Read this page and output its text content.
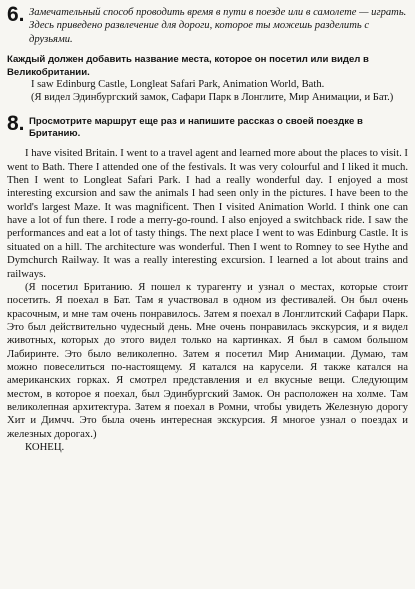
6. Замечательный способ проводить время в пути в поезде или в самолете — играть. Здесь приведено развлечение для дороги, которое ты можешь разделить с друзьями.

Каждый должен добавить название места, которое он посетил или видел в Великобритании.

I saw Edinburg Castle, Longleat Safari Park, Animation World, Bath.

(Я видел Эдинбургский замок, Сафари Парк в Лонглите, Мир Анимации, и Бат.)

8. Просмотрите маршрут еще раз и напишите рассказ о своей поездке в Британию.

I have visited Britain. I went to a travel agent and learned more about the places to visit. I went to Bath. There I attended one of the festivals. It was very colourful and I liked it much. Then I went to Longleat Safari Park. I had a really wonderful day. I enjoyed a most interesting excursion and saw the animals I had seen only in the pictures. I have been to the world's largest Maze. It was magnificent. Then I visited Animation World. I think one can have a lot of fun there. I rode a merry-go-round. I also enjoyed a switchback ride. I saw the performances and eat a lot of tasty things. The next place I went to was Edinburg Castle. It is situated on a hill. The architecture was wonderful. Then I went to Romney to see Hythe and Dymchurch Railway. It was a really interesting excursion. I learned a lot about trains and railways.

(Я посетил Британию. Я пошел к турагенту и узнал о местах, которые стоит посетить. Я поехал в Бат. Там я участвовал в одном из фестивалей. Он был очень красочным, и мне там очень понравилось. Затем я поехал в Лонглитский Сафари Парк. Это был действительно чудесный день. Мне очень понравилась экскурсия, и я видел животных, которых до этого видел только на картинках. Я был в самом большом Лабиринте. Это было великолепно. Затем я посетил Мир Анимации. Думаю, там можно повеселиться по-настоящему. Я катался на карусели. Я также катался на американских горках. Я смотрел представления и ел вкусные вещи. Следующим местом, в которое я поехал, был Эдинбургский Замок. Он расположен на холме. Там великолепная архитектура. Затем я поехал в Ромни, чтобы увидеть Железную дорогу Хит и Димчч. Это была очень интересная экскурсия. Я многое узнал о поездах и железных дорогах.)

КОНЕЦ.
